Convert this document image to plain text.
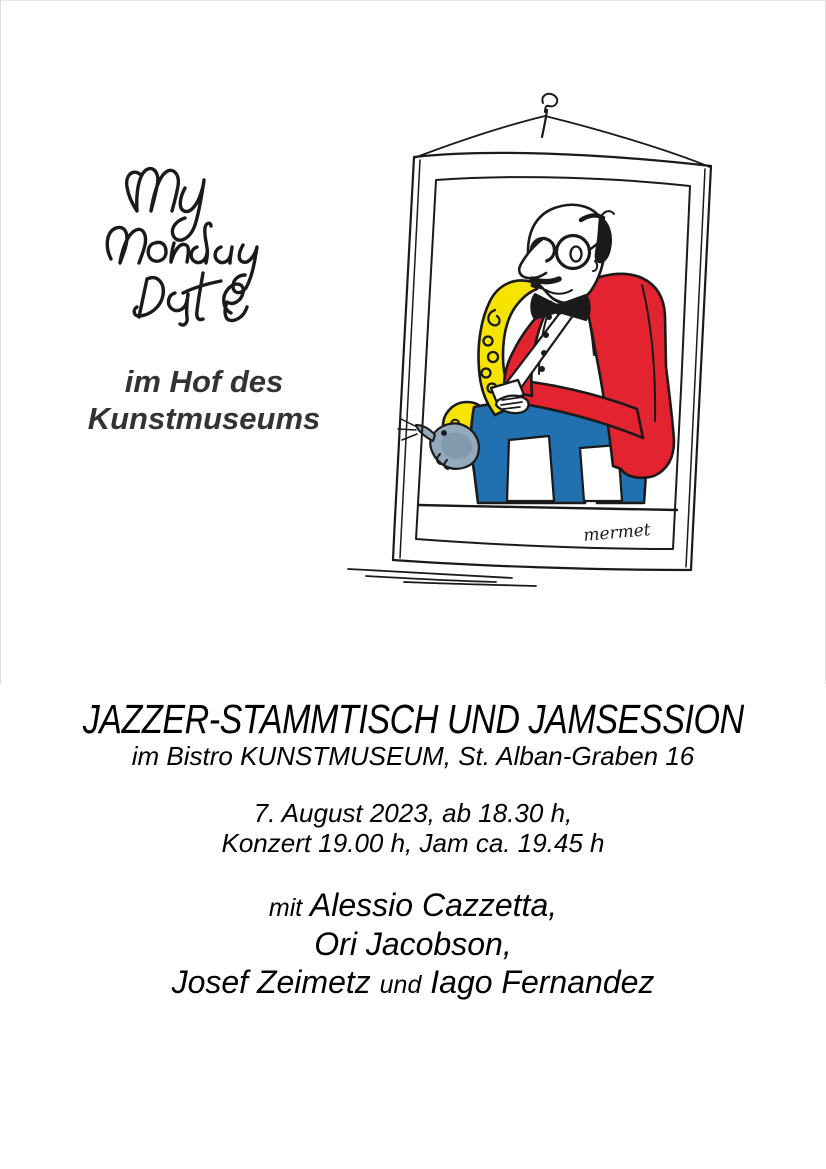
im Hof des
Kunstmuseums
mermet
JAZZER-STAMMTISCH UND JAMSESSION
im Bistro KUNSTMUSEUM, St. Alban-Graben 16
7. August 2023, ab 18.30 h,
Konzert 19.00 h, Jam ca. 19.45 h
mit Alessio Cazzetta,
Ori Jacobson,
Josef Zeimetz und Iago Fernandez
